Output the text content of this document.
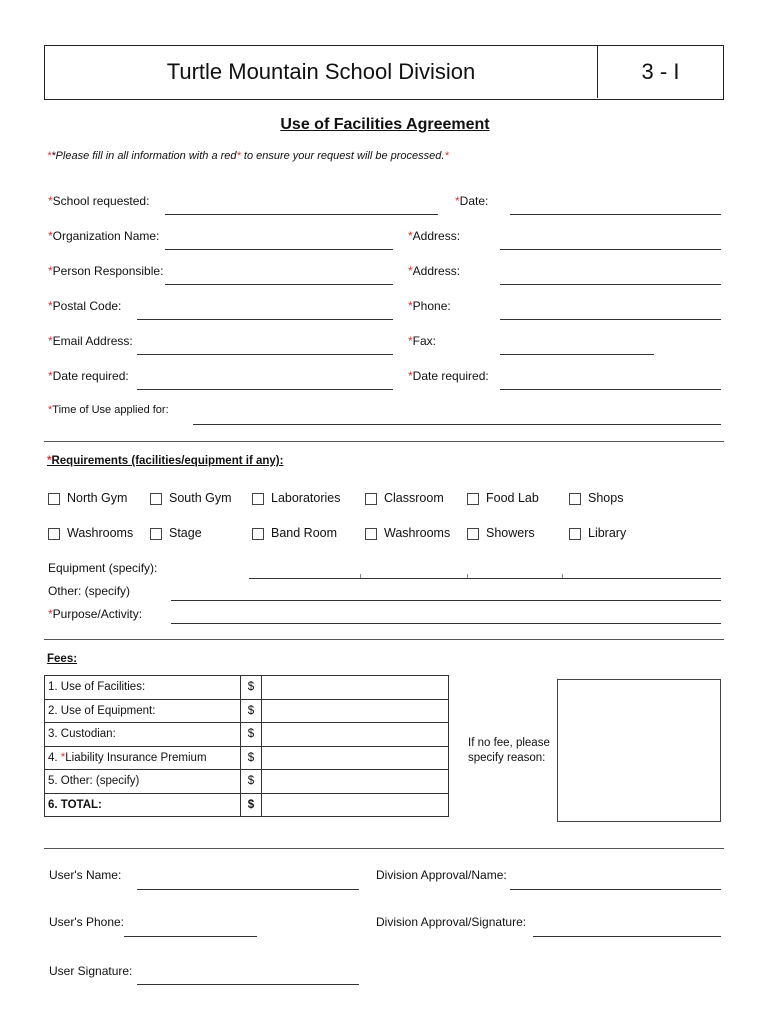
Turtle Mountain School Division	3 - I
Use of Facilities Agreement
**Please fill in all information with a red* to ensure your request will be processed.*
*School requested:	*Date:
*Organization Name:	*Address:
*Person Responsible:	*Address:
*Postal Code:	*Phone:
*Email Address:	*Fax:
*Date required:	*Date required:
*Time of Use applied for:
*Requirements (facilities/equipment if any):
North Gym	South Gym	Laboratories	Classroom	Food Lab	Shops
Washrooms	Stage	Band Room	Washrooms	Showers	Library
Equipment (specify):
Other: (specify)
*Purpose/Activity:
Fees:
1. Use of Facilities:	$	
2. Use of Equipment:	$	
3. Custodian:	$	
4. *Liability Insurance Premium	$	
5. Other: (specify)	$	
6. TOTAL:	$	
If no fee, please
specify reason:
User's Name:	Division Approval/Name:
User's Phone:	Division Approval/Signature:
User Signature:
